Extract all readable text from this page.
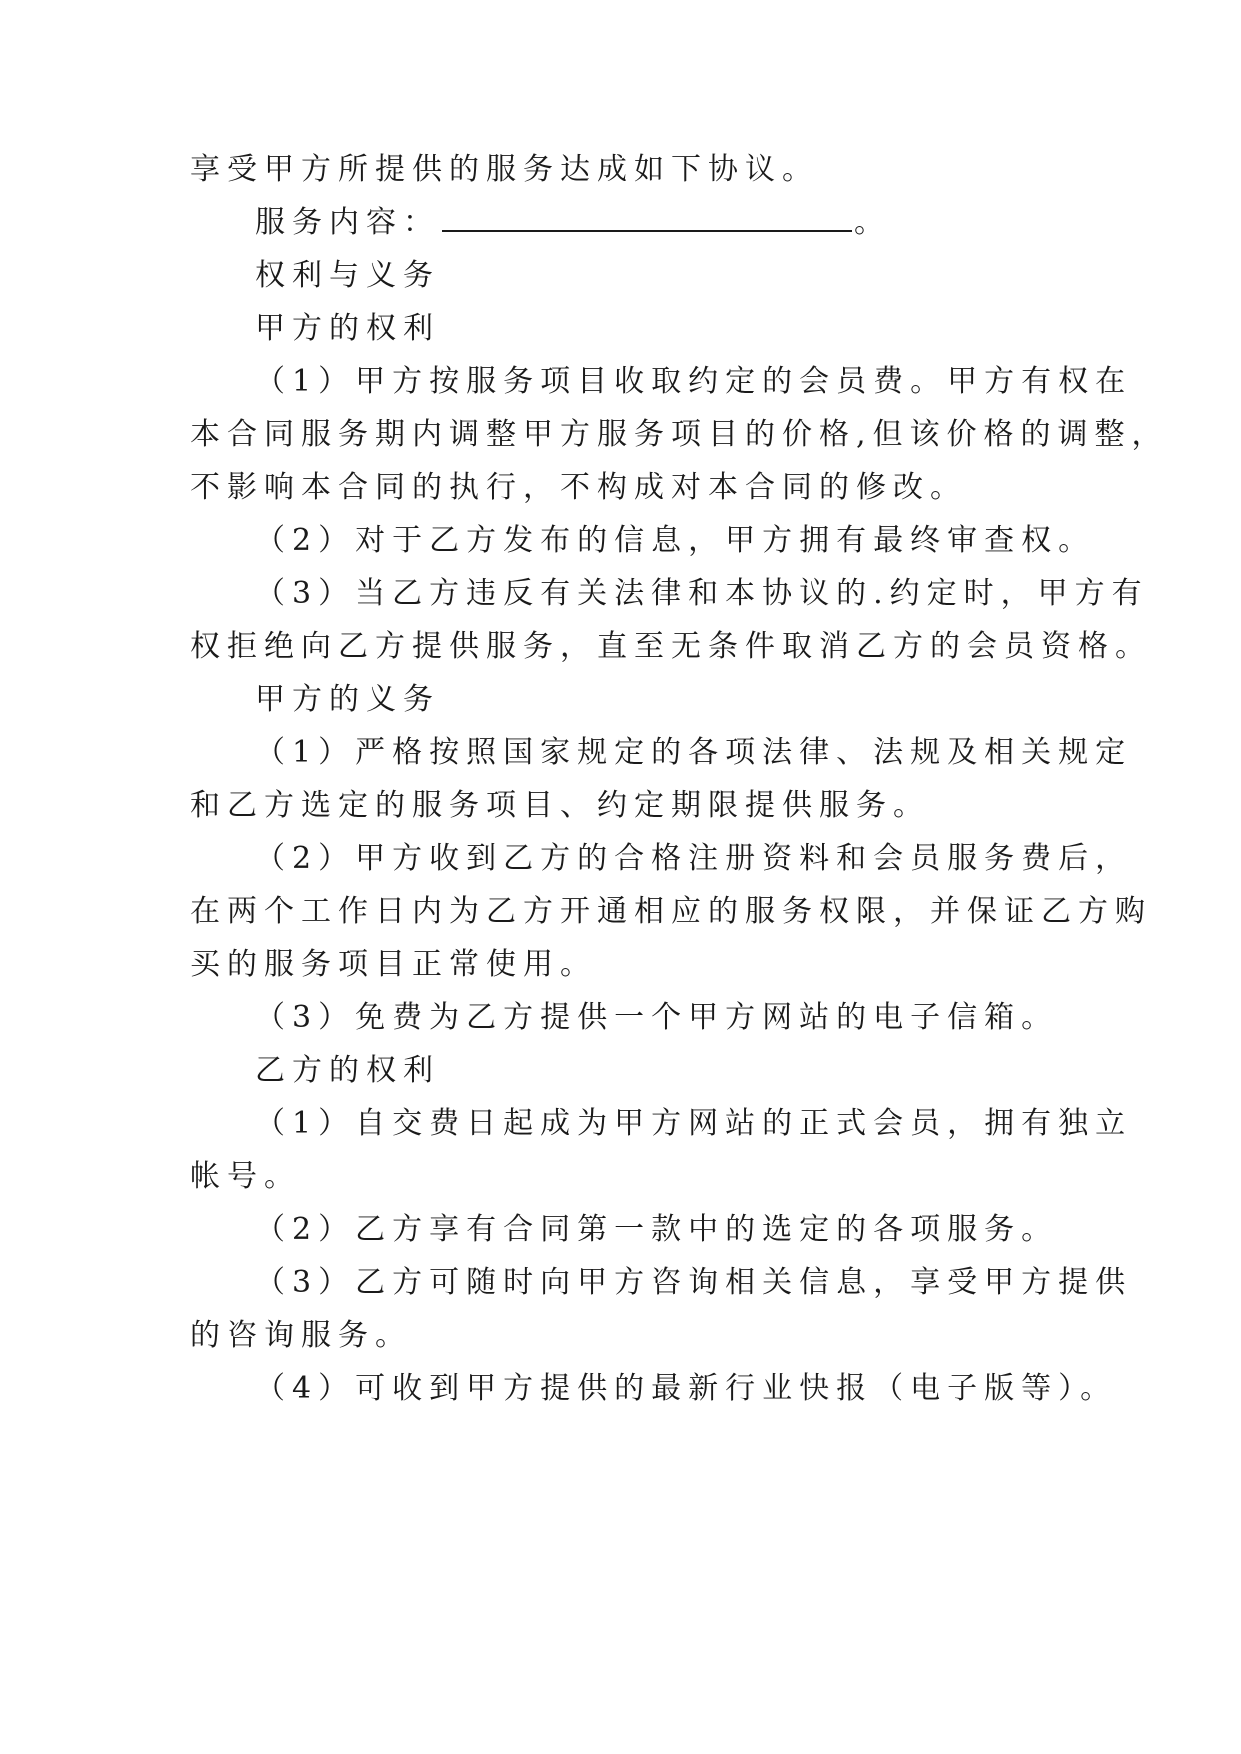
享受甲方所提供的服务达成如下协议。
服务内容：	。
权利与义务
甲方的权利
（1）甲方按服务项目收取约定的会员费。甲方有权在
本合同服务期内调整甲方服务项目的价格,但该价格的调整，
不影响本合同的执行，不构成对本合同的修改。
（2）对于乙方发布的信息，甲方拥有最终审查权。
（3）当乙方违反有关法律和本协议的.约定时，甲方有
权拒绝向乙方提供服务，直至无条件取消乙方的会员资格。
甲方的义务
（1）严格按照国家规定的各项法律、法规及相关规定
和乙方选定的服务项目、约定期限提供服务。
（2）甲方收到乙方的合格注册资料和会员服务费后，
在两个工作日内为乙方开通相应的服务权限，并保证乙方购
买的服务项目正常使用。
（3）免费为乙方提供一个甲方网站的电子信箱。
乙方的权利
（1）自交费日起成为甲方网站的正式会员，拥有独立
帐号。
（2）乙方享有合同第一款中的选定的各项服务。
（3）乙方可随时向甲方咨询相关信息，享受甲方提供
的咨询服务。
（4）可收到甲方提供的最新行业快报（电子版等）。
